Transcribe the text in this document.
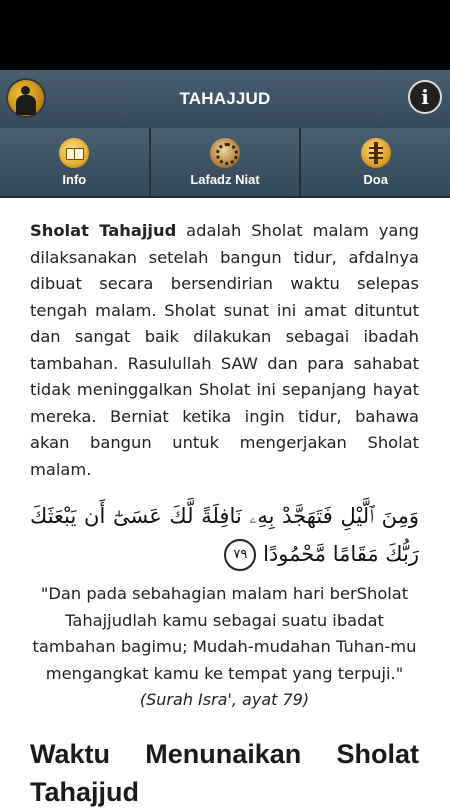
TAHAJJUD	i
Info	Lafadz Niat	Doa

Sholat Tahajjud adalah Sholat malam yang dilaksanakan setelah bangun tidur, afdalnya dibuat secara bersendirian waktu selepas tengah malam. Sholat sunat ini amat dituntut dan sangat baik dilakukan sebagai ibadah tambahan. Rasulullah SAW dan para sahabat tidak meninggalkan Sholat ini sepanjang hayat mereka. Berniat ketika ingin tidur, bahawa akan bangun untuk mengerjakan Sholat malam.

وَمِنَ ٱلَّيْلِ فَتَهَجَّدْ بِهِۦ نَافِلَةً لَّكَ عَسَىٰٓ أَن يَبْعَثَكَ رَبُّكَ مَقَامًا مَّحْمُودًا ٧٩
"Dan pada sebahagian malam hari berSholat Tahajjudlah kamu sebagai suatu ibadat tambahan bagimu; Mudah-mudahan Tuhan-mu mengangkat kamu ke tempat yang terpuji."
(Surah Isra', ayat 79)
Waktu Menunaikan Sholat Tahajjud
